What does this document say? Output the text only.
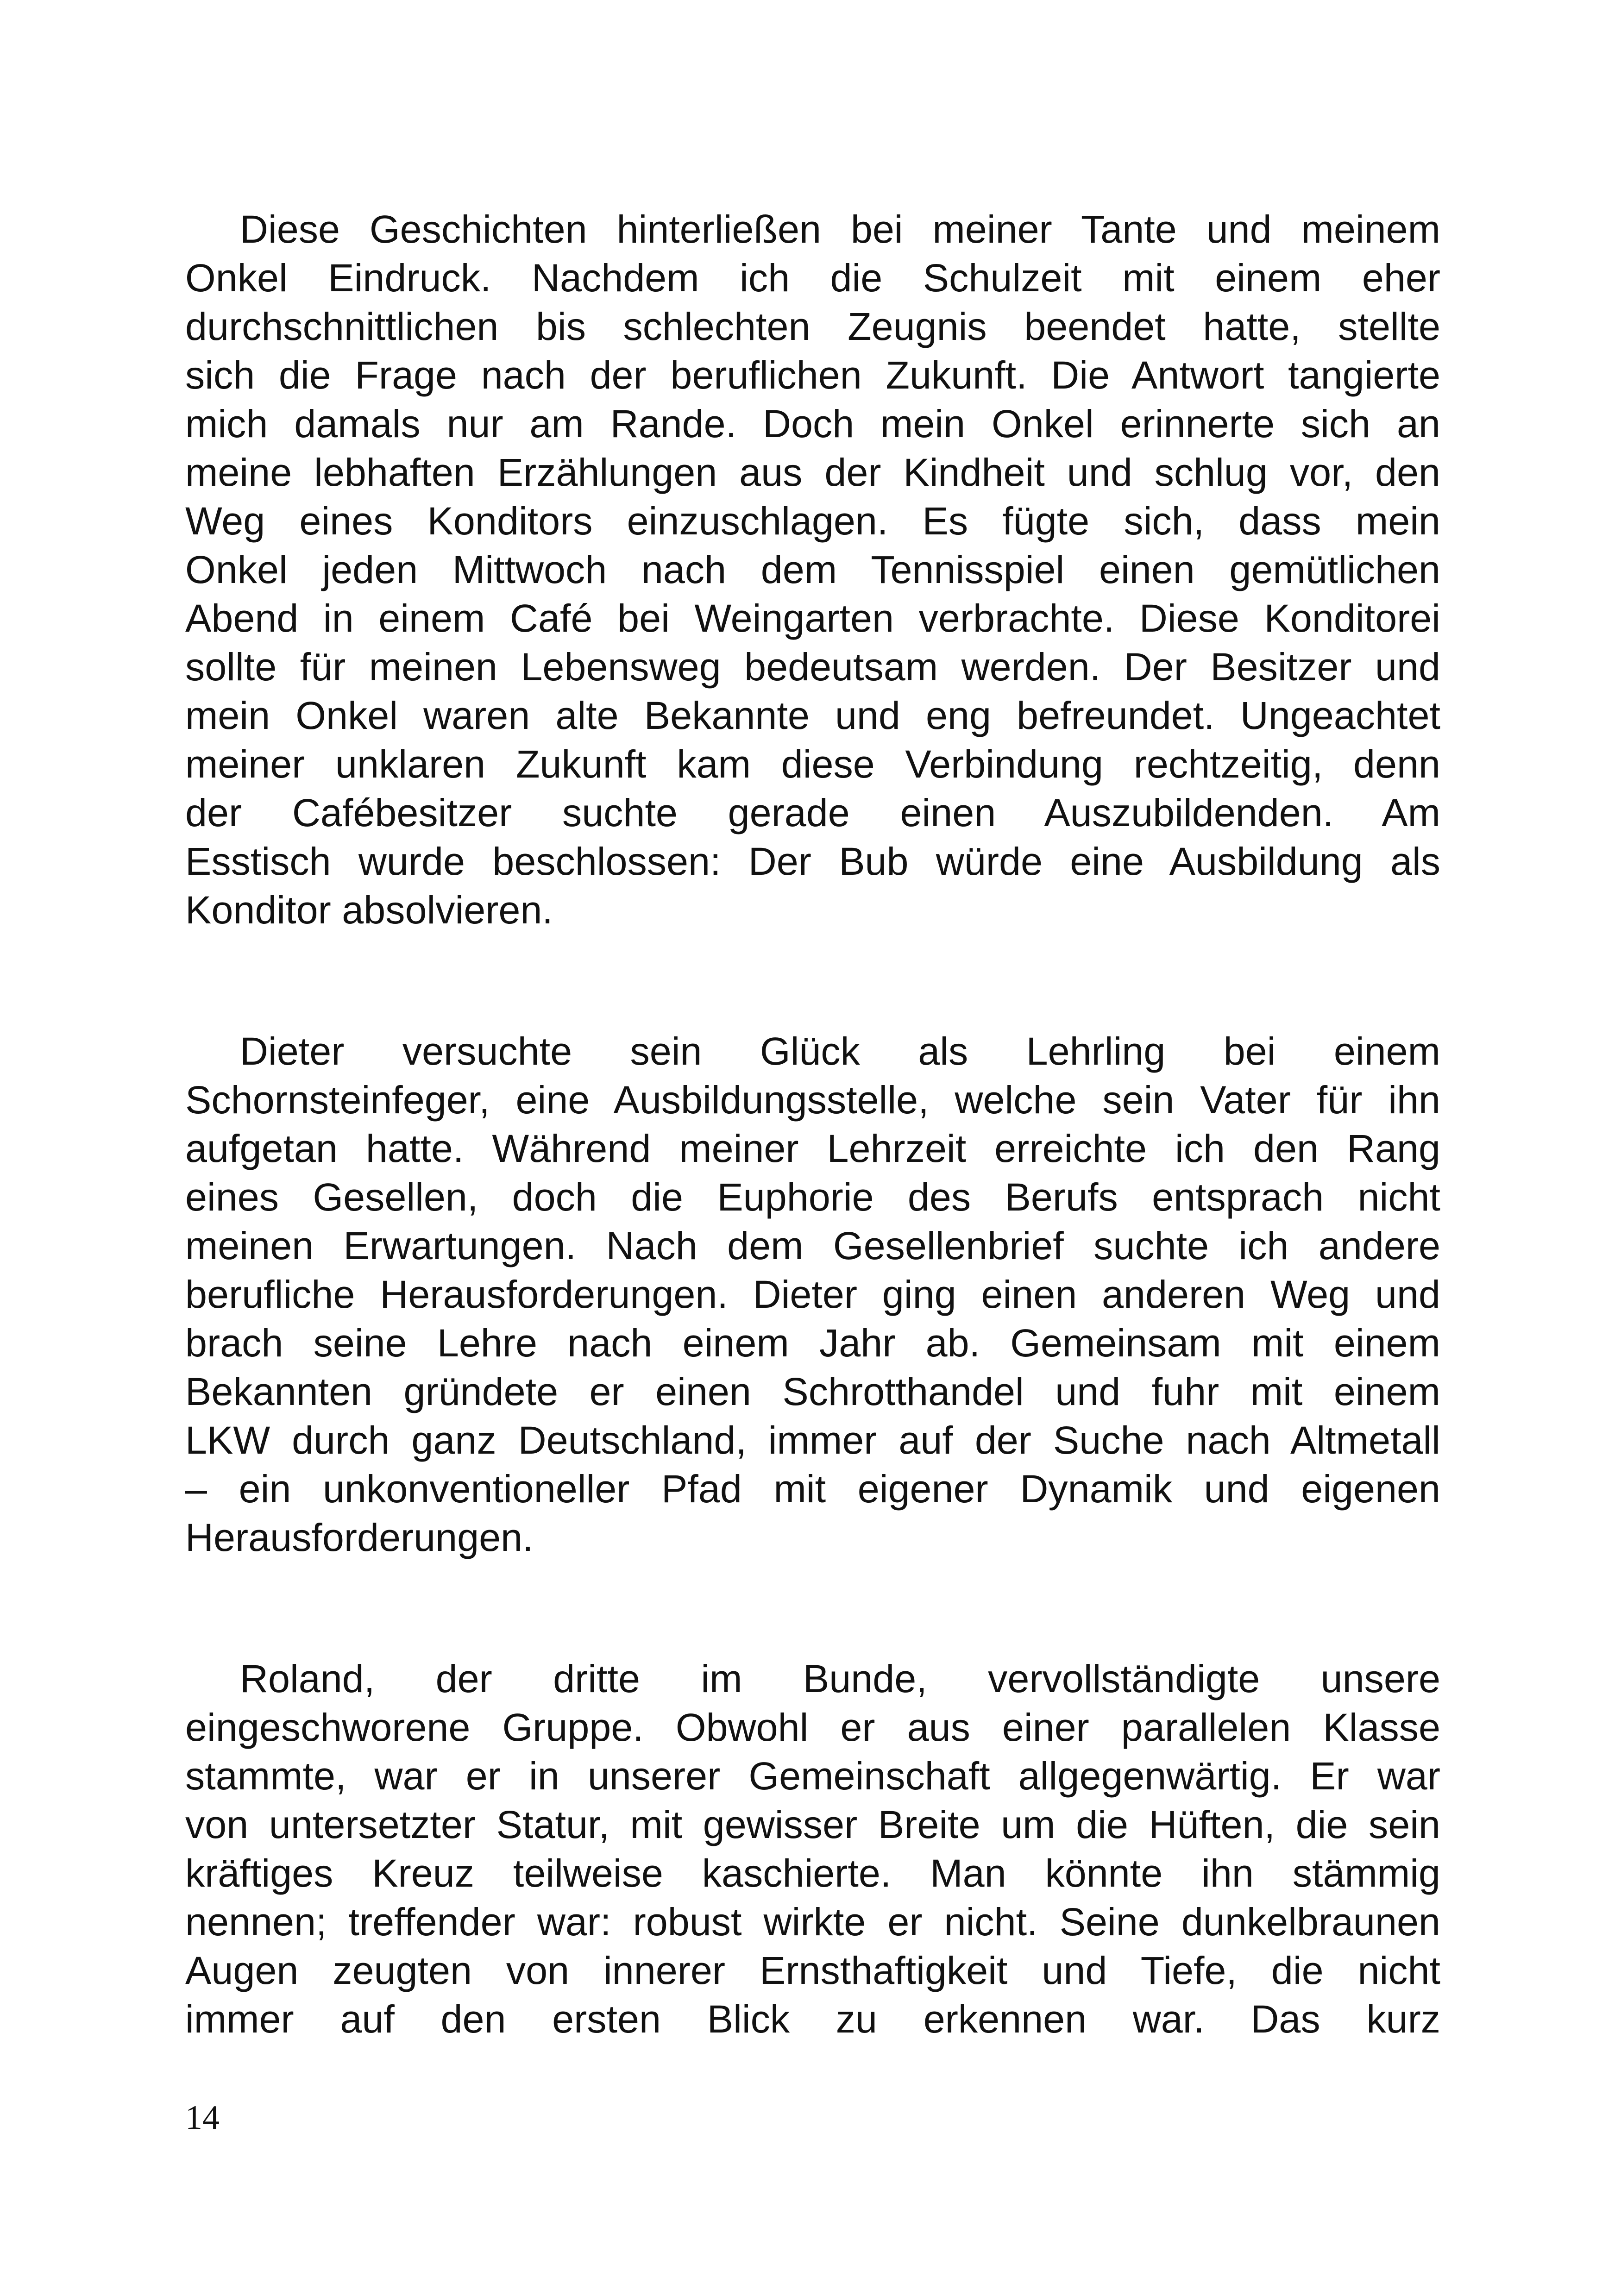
Diese Geschichten hinterließen bei meiner Tante und meinem
Onkel Eindruck. Nachdem ich die Schulzeit mit einem eher
durchschnittlichen bis schlechten Zeugnis beendet hatte, stellte
sich die Frage nach der beruflichen Zukunft. Die Antwort tangierte
mich damals nur am Rande. Doch mein Onkel erinnerte sich an
meine lebhaften Erzählungen aus der Kindheit und schlug vor, den
Weg eines Konditors einzuschlagen. Es fügte sich, dass mein
Onkel jeden Mittwoch nach dem Tennisspiel einen gemütlichen
Abend in einem Café bei Weingarten verbrachte. Diese Konditorei
sollte für meinen Lebensweg bedeutsam werden. Der Besitzer und
mein Onkel waren alte Bekannte und eng befreundet. Ungeachtet
meiner unklaren Zukunft kam diese Verbindung rechtzeitig, denn
der Cafébesitzer suchte gerade einen Auszubildenden. Am
Esstisch wurde beschlossen: Der Bub würde eine Ausbildung als
Konditor absolvieren.
Dieter versuchte sein Glück als Lehrling bei einem
Schornsteinfeger, eine Ausbildungsstelle, welche sein Vater für ihn
aufgetan hatte. Während meiner Lehrzeit erreichte ich den Rang
eines Gesellen, doch die Euphorie des Berufs entsprach nicht
meinen Erwartungen. Nach dem Gesellenbrief suchte ich andere
berufliche Herausforderungen. Dieter ging einen anderen Weg und
brach seine Lehre nach einem Jahr ab. Gemeinsam mit einem
Bekannten gründete er einen Schrotthandel und fuhr mit einem
LKW durch ganz Deutschland, immer auf der Suche nach Altmetall
– ein unkonventioneller Pfad mit eigener Dynamik und eigenen
Herausforderungen.
Roland, der dritte im Bunde, vervollständigte unsere
eingeschworene Gruppe. Obwohl er aus einer parallelen Klasse
stammte, war er in unserer Gemeinschaft allgegenwärtig. Er war
von untersetzter Statur, mit gewisser Breite um die Hüften, die sein
kräftiges Kreuz teilweise kaschierte. Man könnte ihn stämmig
nennen; treffender war: robust wirkte er nicht. Seine dunkelbraunen
Augen zeugten von innerer Ernsthaftigkeit und Tiefe, die nicht
immer auf den ersten Blick zu erkennen war. Das kurz
14
